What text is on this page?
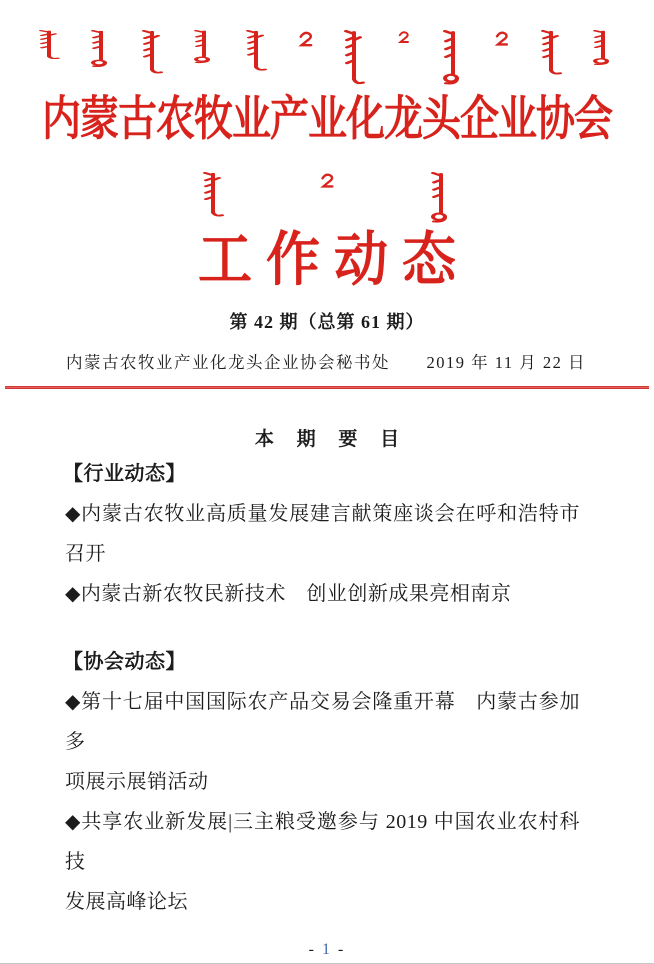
内蒙古农牧业产业化龙头企业协会
工作动态
第 42 期（总第 61 期）
内蒙古农牧业产业化龙头企业协会秘书处 2019 年 11 月 22 日
本 期 要 目
【行业动态】
◆内蒙古农牧业高质量发展建言献策座谈会在呼和浩特市
召开
◆内蒙古新农牧民新技术　创业创新成果亮相南京
【协会动态】
◆第十七届中国国际农产品交易会隆重开幕　内蒙古参加多
项展示展销活动
◆共享农业新发展|三主粮受邀参与 2019 中国农业农村科技
发展高峰论坛
- 1 -
